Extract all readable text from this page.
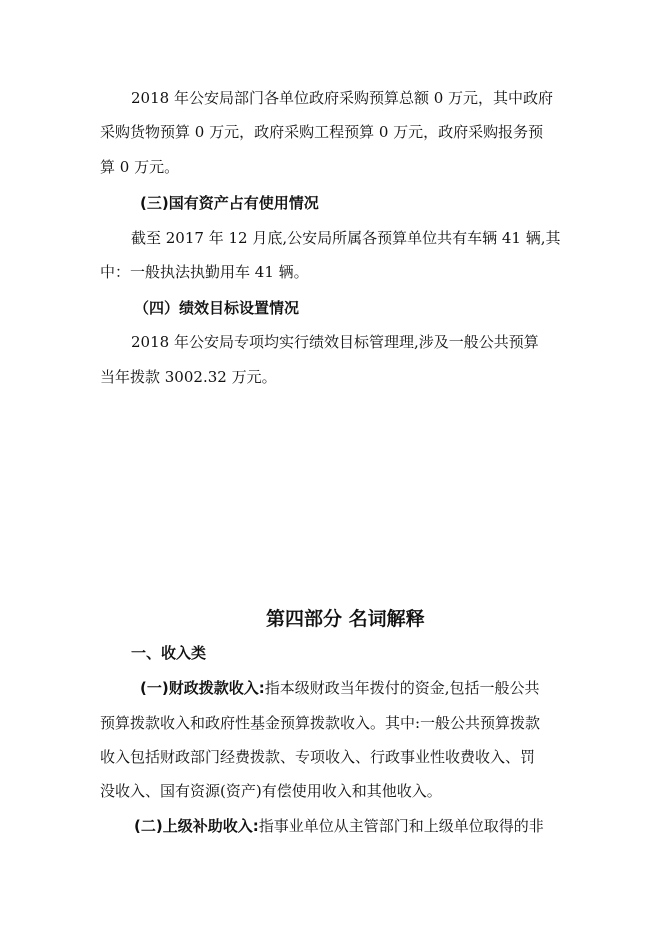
2018 年公安局部门各单位政府采购预算总额 0 万元，其中政府
采购货物预算 0 万元，政府采购工程预算 0 万元，政府采购报务预
算 0 万元。
(三)国有资产占有使用情况
截至 2017 年 12 月底,公安局所属各预算单位共有车辆 41 辆,其
中：一般执法执勤用车 41 辆。
（四）绩效目标设置情况
2018 年公安局专项均实行绩效目标管理理,涉及一般公共预算
当年拨款 3002.32 万元。
第四部分 名词解释
一、收入类
(一)财政拨款收入:指本级财政当年拨付的资金,包括一般公共
预算拨款收入和政府性基金预算拨款收入。其中:一般公共预算拨款
收入包括财政部门经费拨款、专项收入、行政事业性收费收入、罚
没收入、国有资源(资产)有偿使用收入和其他收入。
(二)上级补助收入:指事业单位从主管部门和上级单位取得的非
